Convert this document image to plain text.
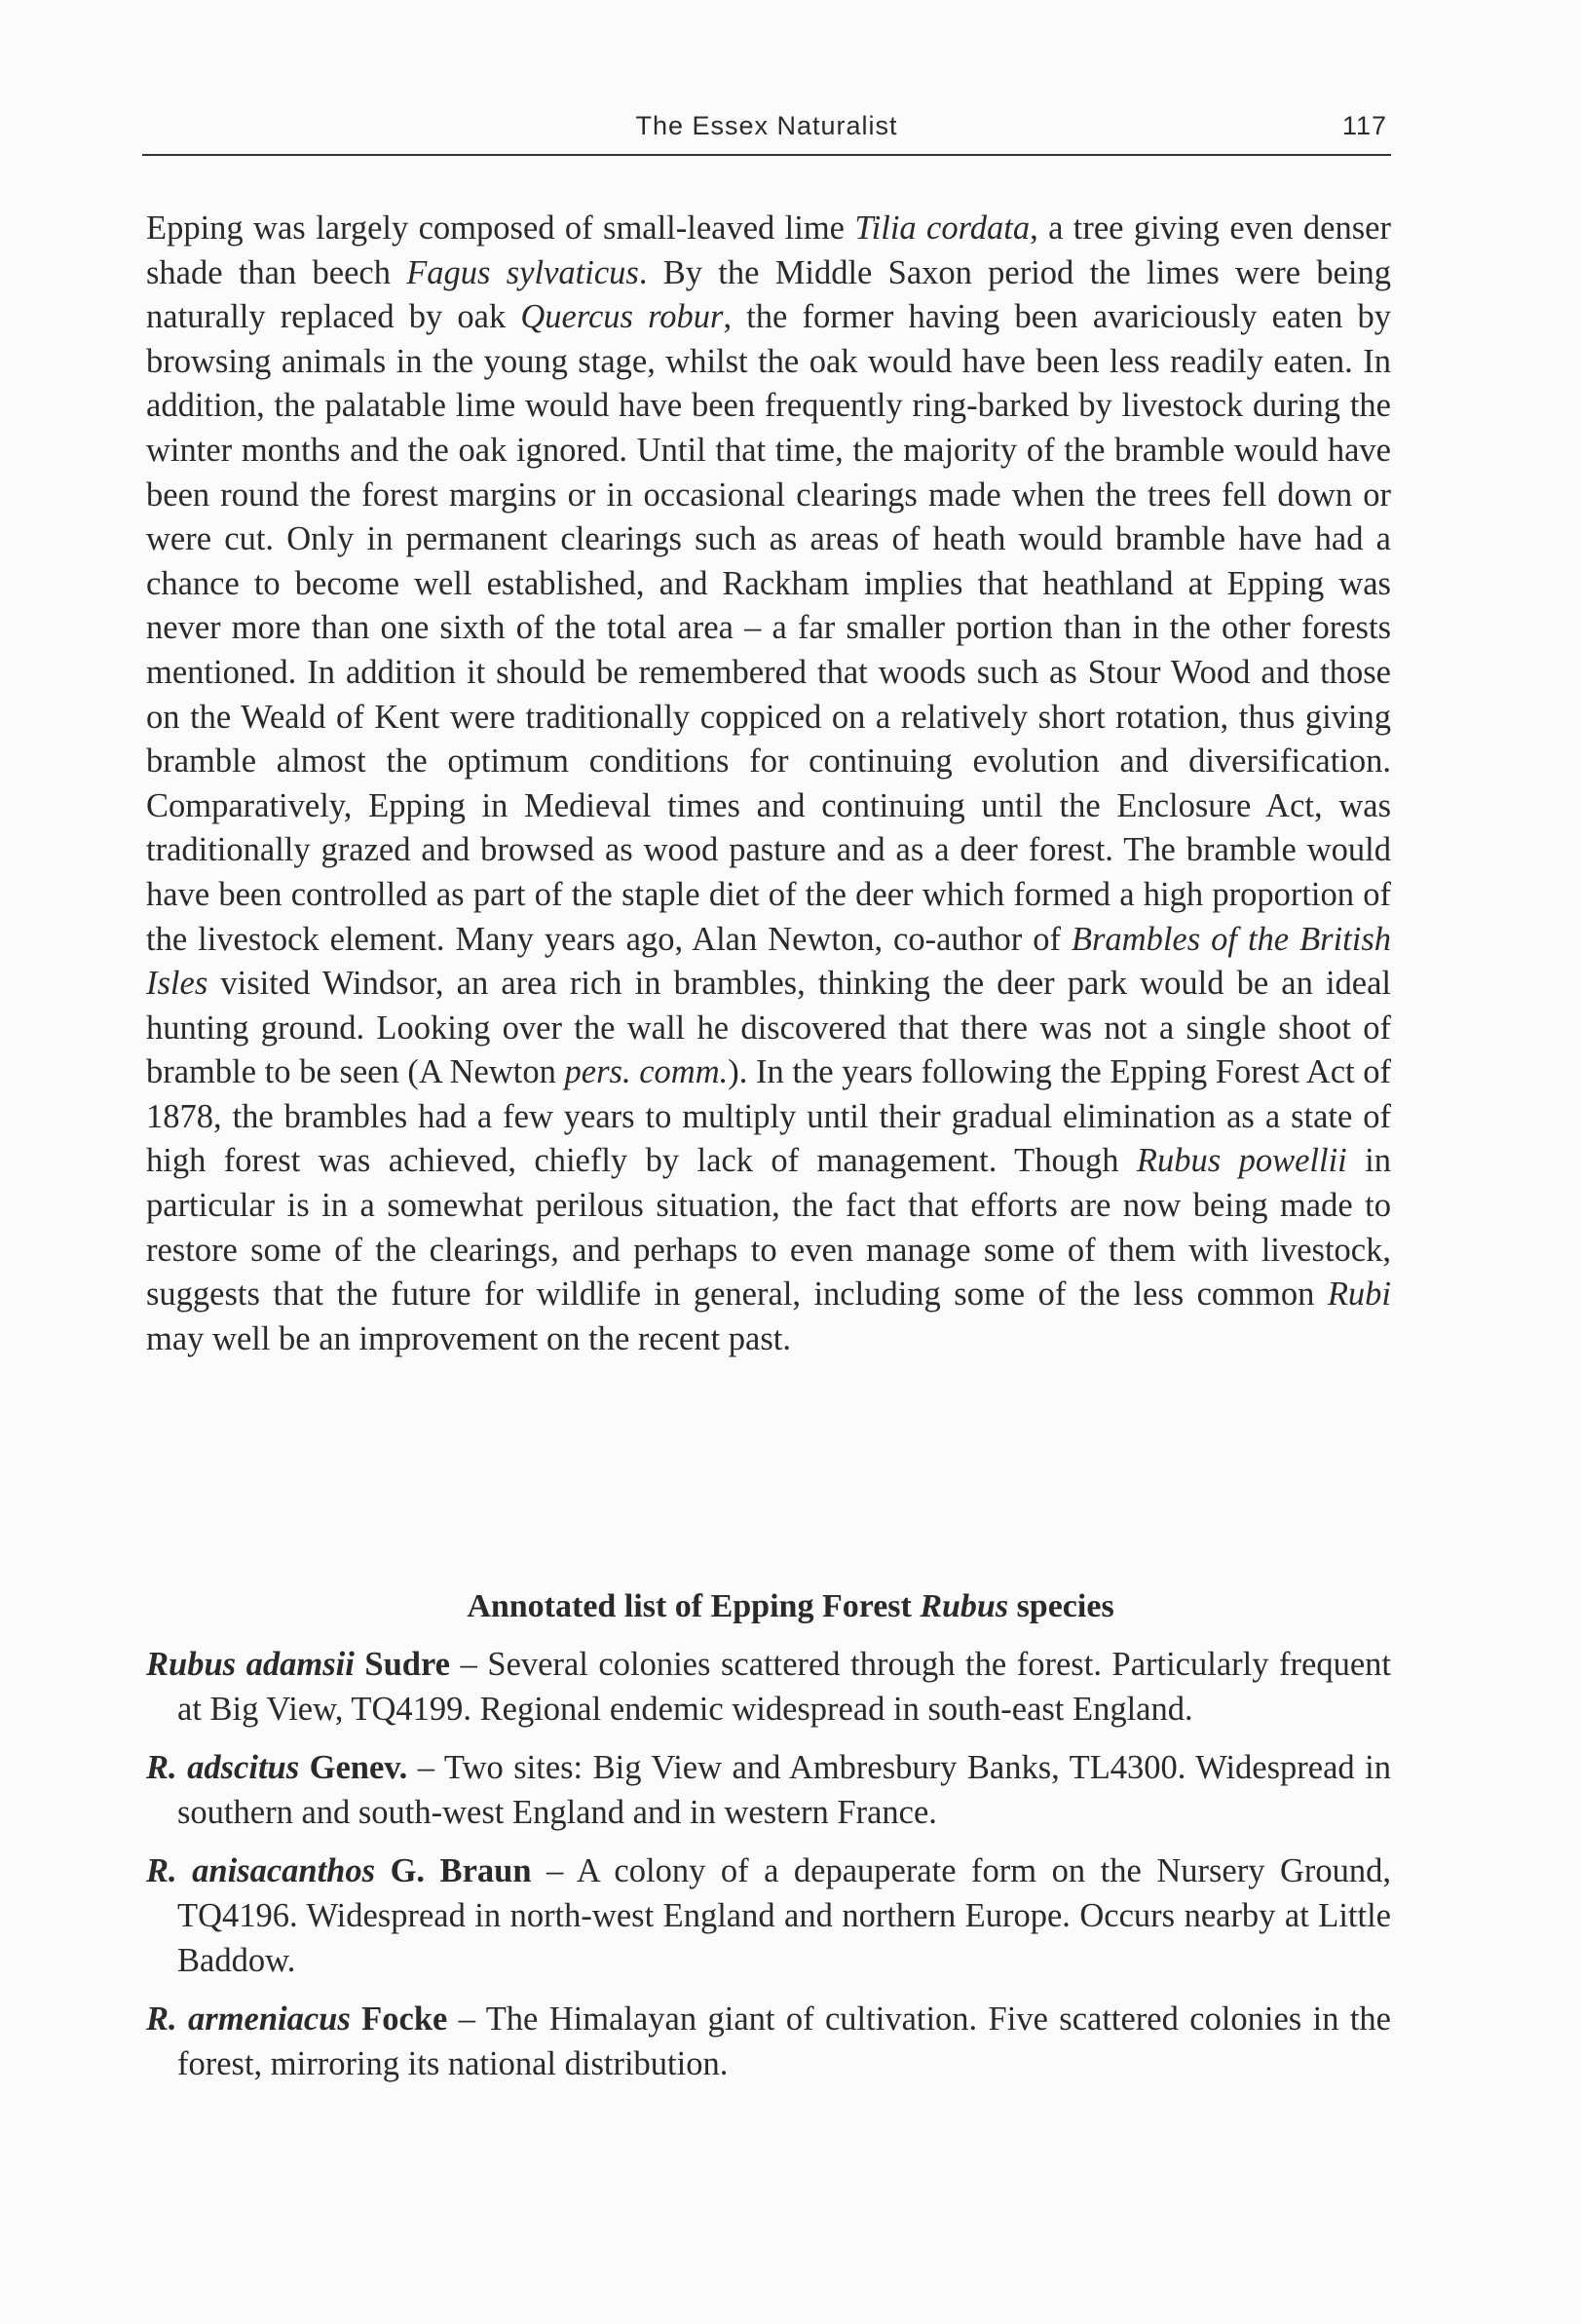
The Essex Naturalist	117

Epping was largely composed of small-leaved lime Tilia cordata, a tree giving even denser shade than beech Fagus sylvaticus. By the Middle Saxon period the limes were being naturally replaced by oak Quercus robur, the former having been avariciously eaten by browsing animals in the young stage, whilst the oak would have been less readily eaten. In addition, the palatable lime would have been frequently ring-barked by livestock during the winter months and the oak ignored. Until that time, the majority of the bramble would have been round the forest margins or in occasional clearings made when the trees fell down or were cut. Only in permanent clearings such as areas of heath would bramble have had a chance to become well established, and Rackham implies that heathland at Epping was never more than one sixth of the total area – a far smaller portion than in the other forests mentioned. In addition it should be remembered that woods such as Stour Wood and those on the Weald of Kent were traditionally coppiced on a relatively short rotation, thus giving bramble almost the optimum conditions for continuing evolution and diversification. Comparatively, Epping in Medieval times and continuing until the Enclosure Act, was traditionally grazed and browsed as wood pasture and as a deer forest. The bramble would have been controlled as part of the staple diet of the deer which formed a high proportion of the livestock element. Many years ago, Alan Newton, co-author of Brambles of the British Isles visited Windsor, an area rich in brambles, thinking the deer park would be an ideal hunting ground. Looking over the wall he discovered that there was not a single shoot of bramble to be seen (A Newton pers. comm.). In the years following the Epping Forest Act of 1878, the brambles had a few years to multiply until their gradual elimination as a state of high forest was achieved, chiefly by lack of management. Though Rubus powellii in particular is in a somewhat perilous situation, the fact that efforts are now being made to restore some of the clearings, and perhaps to even manage some of them with livestock, suggests that the future for wildlife in general, including some of the less common Rubi may well be an improvement on the recent past.

Annotated list of Epping Forest Rubus species

Rubus adamsii Sudre – Several colonies scattered through the forest. Particularly frequent at Big View, TQ4199. Regional endemic widespread in south-east England.

R. adscitus Genev. – Two sites: Big View and Ambresbury Banks, TL4300. Widespread in southern and south-west England and in western France.

R. anisacanthos G. Braun – A colony of a depauperate form on the Nursery Ground, TQ4196. Widespread in north-west England and northern Europe. Occurs nearby at Little Baddow.

R. armeniacus Focke – The Himalayan giant of cultivation. Five scattered colonies in the forest, mirroring its national distribution.
